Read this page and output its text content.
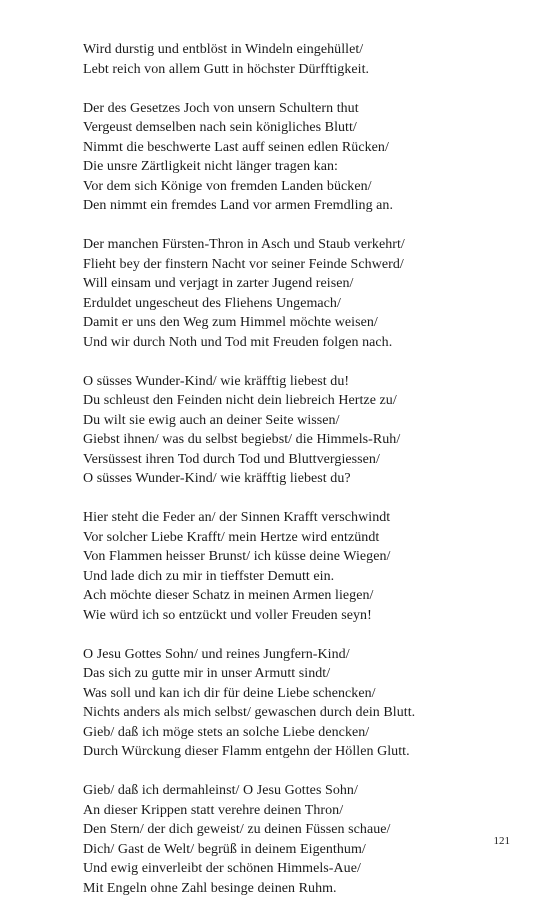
Wird durstig und entblöst in Windeln eingehüllet/
Lebt reich von allem Gutt in höchster Dürfftigkeit.
Der des Gesetzes Joch von unsern Schultern thut
Vergeust demselben nach sein königliches Blutt/
Nimmt die beschwerte Last auff seinen edlen Rücken/
Die unsre Zärtligkeit nicht länger tragen kan:
Vor dem sich Könige von fremden Landen bücken/
Den nimmt ein fremdes Land vor armen Fremdling an.
Der manchen Fürsten-Thron in Asch und Staub verkehrt/
Flieht bey der finstern Nacht vor seiner Feinde Schwerd/
Will einsam und verjagt in zarter Jugend reisen/
Erduldet ungescheut des Fliehens Ungemach/
Damit er uns den Weg zum Himmel möchte weisen/
Und wir durch Noth und Tod mit Freuden folgen nach.
O süsses Wunder-Kind/ wie kräfftig liebest du!
Du schleust den Feinden nicht dein liebreich Hertze zu/
Du wilt sie ewig auch an deiner Seite wissen/
Giebst ihnen/ was du selbst begiebst/ die Himmels-Ruh/
Versüssest ihren Tod durch Tod und Bluttvergiessen/
O süsses Wunder-Kind/ wie kräfftig liebest du?
Hier steht die Feder an/ der Sinnen Krafft verschwindt
Vor solcher Liebe Krafft/ mein Hertze wird entzündt
Von Flammen heisser Brunst/ ich küsse deine Wiegen/
Und lade dich zu mir in tieffster Demutt ein.
Ach möchte dieser Schatz in meinen Armen liegen/
Wie würd ich so entzückt und voller Freuden seyn!
O Jesu Gottes Sohn/ und reines Jungfern-Kind/
Das sich zu gutte mir in unser Armutt sindt/
Was soll und kan ich dir für deine Liebe schencken/
Nichts anders als mich selbst/ gewaschen durch dein Blutt.
Gieb/ daß ich möge stets an solche Liebe dencken/
Durch Würckung dieser Flamm entgehn der Höllen Glutt.
Gieb/ daß ich dermahleinst/ O Jesu Gottes Sohn/
An dieser Krippen statt verehre deinen Thron/
Den Stern/ der dich geweist/ zu deinen Füssen schaue/
Dich/ Gast de Welt/ begrüß in deinem Eigenthum/
Und ewig einverleibt der schönen Himmels-Aue/
Mit Engeln ohne Zahl besinge deinen Ruhm.
121
